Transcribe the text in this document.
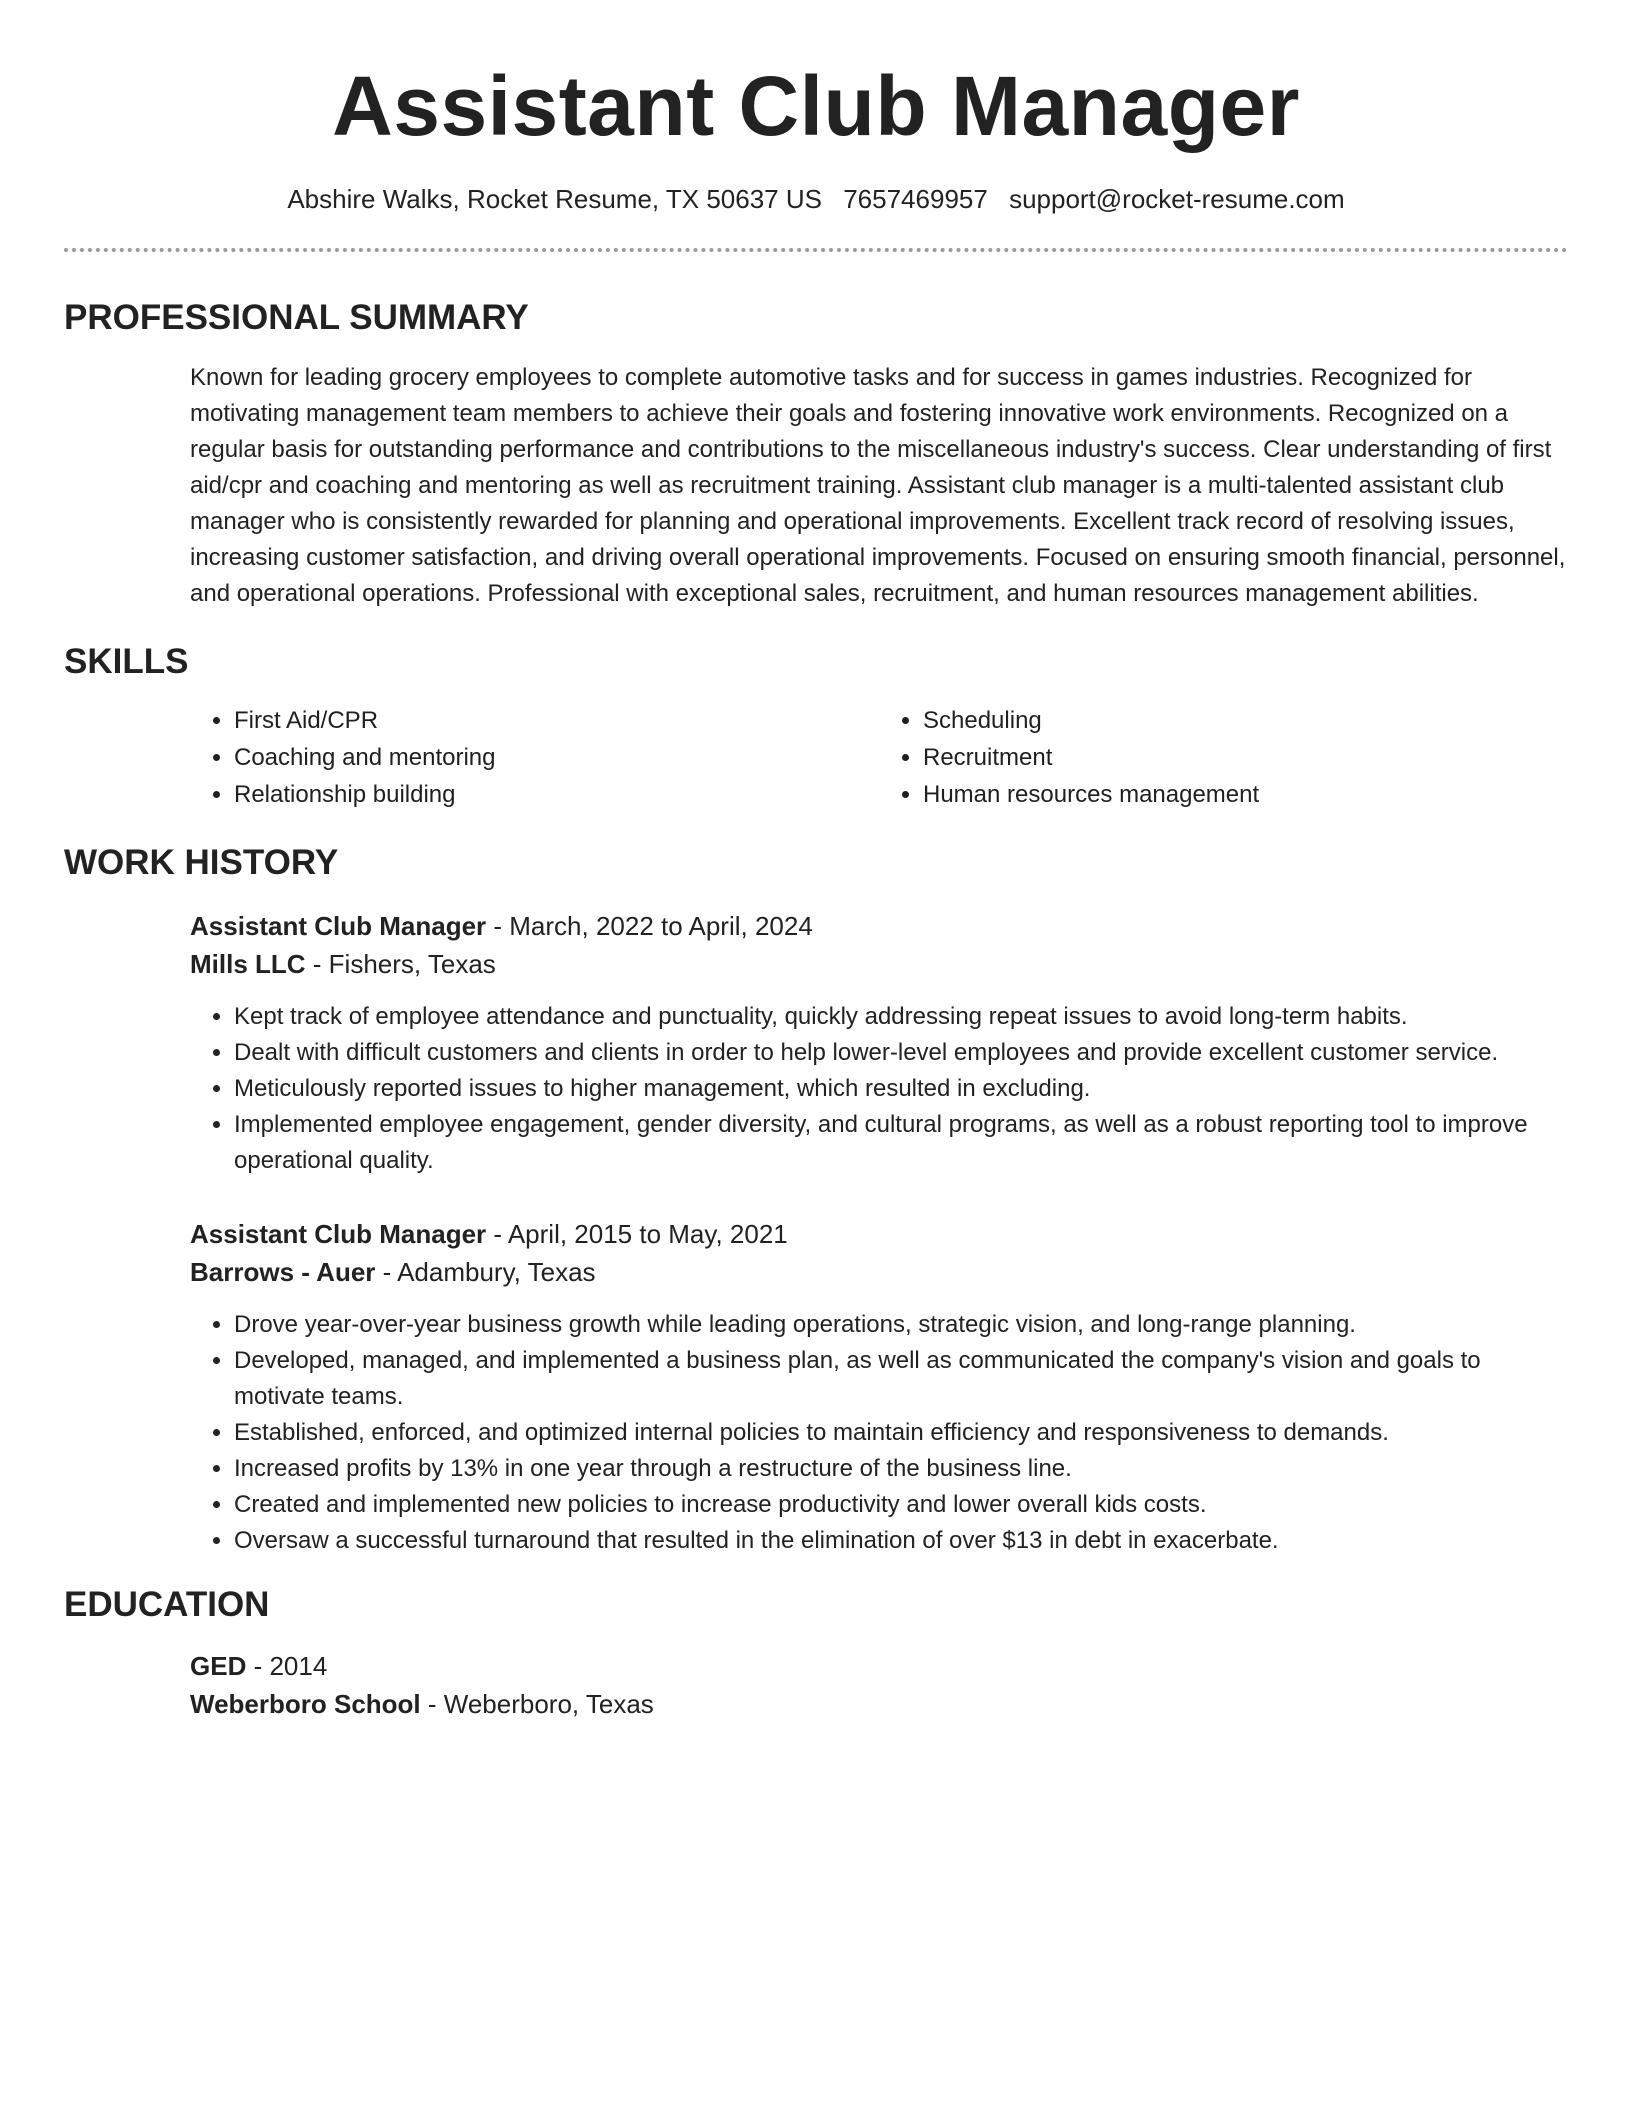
Assistant Club Manager
Abshire Walks, Rocket Resume, TX 50637 US 7657469957 support@rocket-resume.com
PROFESSIONAL SUMMARY
Known for leading grocery employees to complete automotive tasks and for success in games industries. Recognized for motivating management team members to achieve their goals and fostering innovative work environments. Recognized on a regular basis for outstanding performance and contributions to the miscellaneous industry's success. Clear understanding of first aid/cpr and coaching and mentoring as well as recruitment training. Assistant club manager is a multi-talented assistant club manager who is consistently rewarded for planning and operational improvements. Excellent track record of resolving issues, increasing customer satisfaction, and driving overall operational improvements. Focused on ensuring smooth financial, personnel, and operational operations. Professional with exceptional sales, recruitment, and human resources management abilities.
SKILLS
• First Aid/CPR
• Coaching and mentoring
• Relationship building
• Scheduling
• Recruitment
• Human resources management
WORK HISTORY
Assistant Club Manager - March, 2022 to April, 2024
Mills LLC - Fishers, Texas
• Kept track of employee attendance and punctuality, quickly addressing repeat issues to avoid long-term habits.
• Dealt with difficult customers and clients in order to help lower-level employees and provide excellent customer service.
• Meticulously reported issues to higher management, which resulted in excluding.
• Implemented employee engagement, gender diversity, and cultural programs, as well as a robust reporting tool to improve operational quality.
Assistant Club Manager - April, 2015 to May, 2021
Barrows - Auer - Adambury, Texas
• Drove year-over-year business growth while leading operations, strategic vision, and long-range planning.
• Developed, managed, and implemented a business plan, as well as communicated the company's vision and goals to motivate teams.
• Established, enforced, and optimized internal policies to maintain efficiency and responsiveness to demands.
• Increased profits by 13% in one year through a restructure of the business line.
• Created and implemented new policies to increase productivity and lower overall kids costs.
• Oversaw a successful turnaround that resulted in the elimination of over $13 in debt in exacerbate.
EDUCATION
GED - 2014
Weberboro School - Weberboro, Texas
